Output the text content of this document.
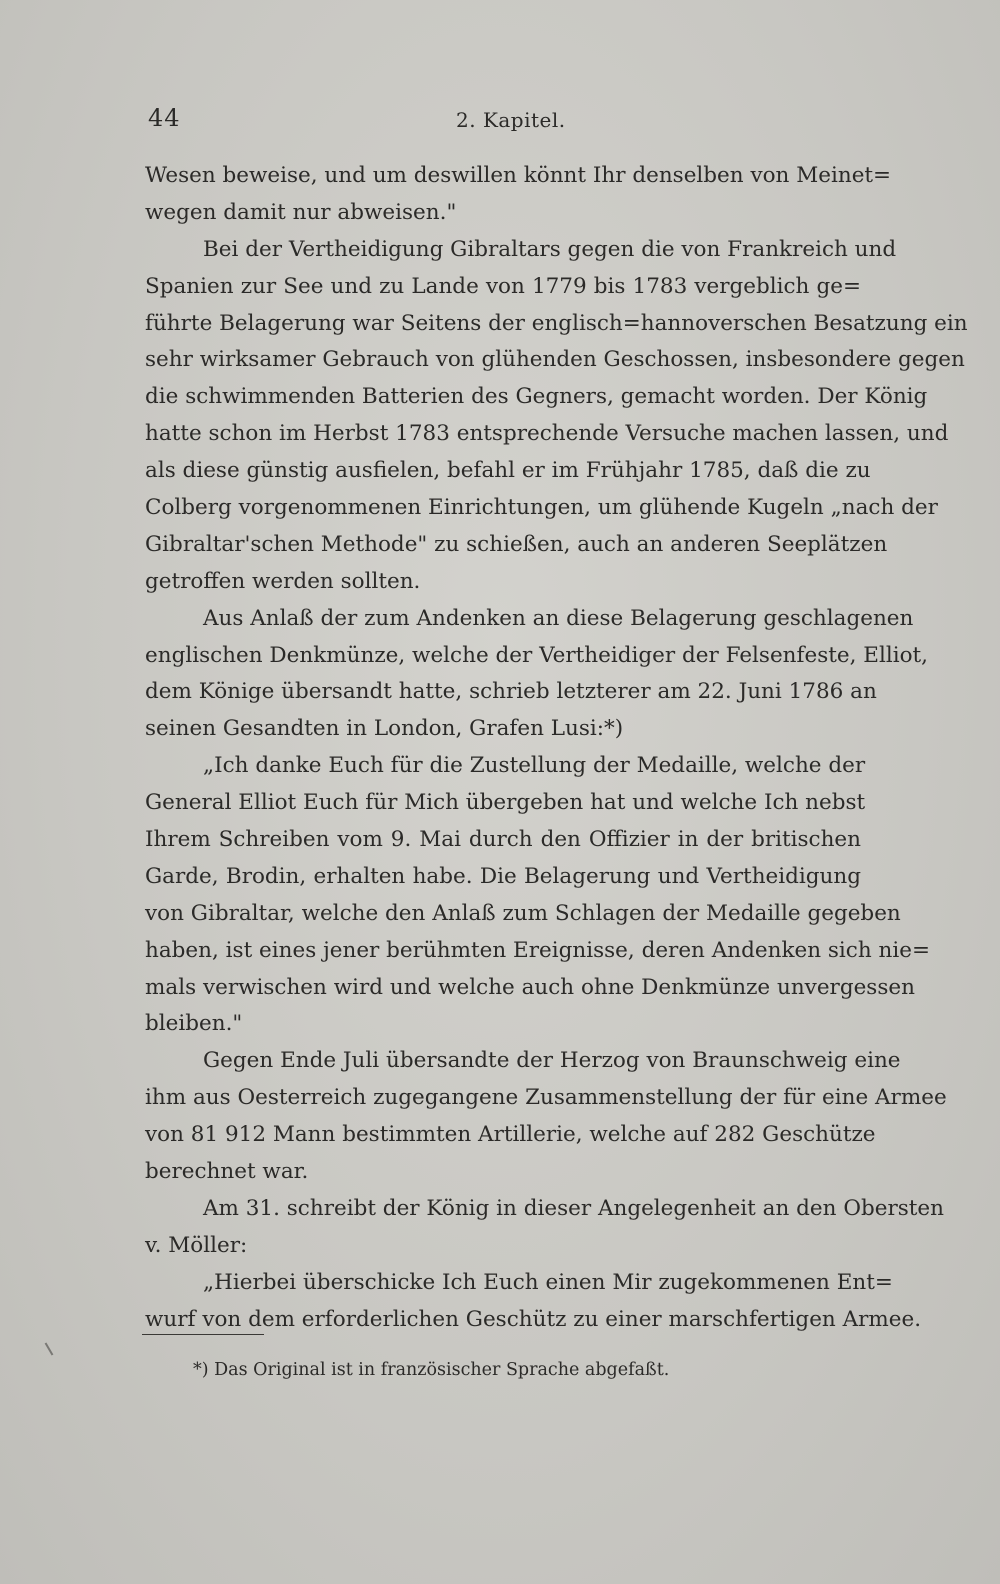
44	2. Kapitel.
Wesen beweise, und um deswillen könnt Ihr denselben von Meinet=
wegen damit nur abweisen."
Bei der Vertheidigung Gibraltars gegen die von Frankreich und
Spanien zur See und zu Lande von 1779 bis 1783 vergeblich ge=
führte Belagerung war Seitens der englisch=hannoverschen Besatzung ein
sehr wirksamer Gebrauch von glühenden Geschossen, insbesondere gegen
die schwimmenden Batterien des Gegners, gemacht worden. Der König
hatte schon im Herbst 1783 entsprechende Versuche machen lassen, und
als diese günstig ausfielen, befahl er im Frühjahr 1785, daß die zu
Colberg vorgenommenen Einrichtungen, um glühende Kugeln „nach der
Gibraltar'schen Methode" zu schießen, auch an anderen Seeplätzen
getroffen werden sollten.
Aus Anlaß der zum Andenken an diese Belagerung geschlagenen
englischen Denkmünze, welche der Vertheidiger der Felsenfeste, Elliot,
dem Könige übersandt hatte, schrieb letzterer am 22. Juni 1786 an
seinen Gesandten in London, Grafen Lusi:*)
„Ich danke Euch für die Zustellung der Medaille, welche der
General Elliot Euch für Mich übergeben hat und welche Ich nebst
Ihrem Schreiben vom 9. Mai durch den Offizier in der britischen
Garde, Brodin, erhalten habe. Die Belagerung und Vertheidigung
von Gibraltar, welche den Anlaß zum Schlagen der Medaille gegeben
haben, ist eines jener berühmten Ereignisse, deren Andenken sich nie=
mals verwischen wird und welche auch ohne Denkmünze unvergessen
bleiben."
Gegen Ende Juli übersandte der Herzog von Braunschweig eine
ihm aus Oesterreich zugegangene Zusammenstellung der für eine Armee
von 81 912 Mann bestimmten Artillerie, welche auf 282 Geschütze
berechnet war.
Am 31. schreibt der König in dieser Angelegenheit an den Obersten
v. Möller:
„Hierbei überschicke Ich Euch einen Mir zugekommenen Ent=
wurf von dem erforderlichen Geschütz zu einer marschfertigen Armee.
*) Das Original ist in französischer Sprache abgefaßt.
